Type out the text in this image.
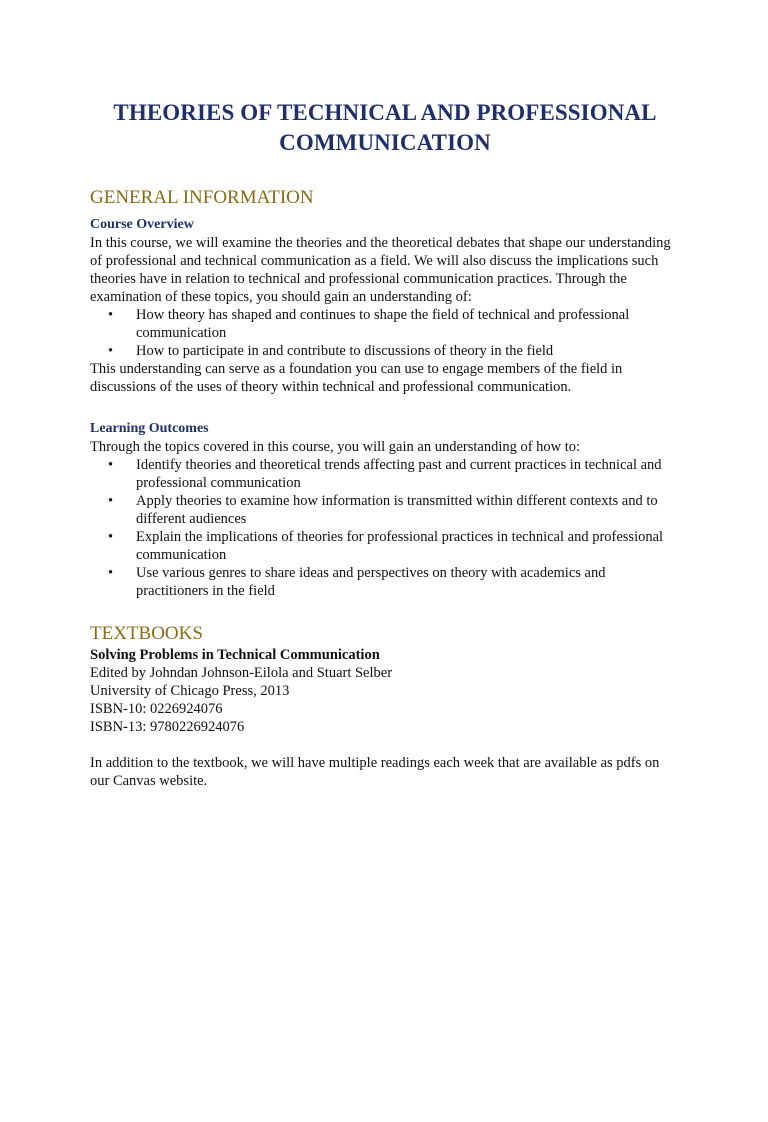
THEORIES OF TECHNICAL AND PROFESSIONAL
COMMUNICATION
GENERAL INFORMATION
Course Overview

In this course, we will examine the theories and the theoretical debates that shape our understanding of professional and technical communication as a field. We will also discuss the implications such theories have in relation to technical and professional communication practices. Through the examination of these topics, you should gain an understanding of:

• How theory has shaped and continues to shape the field of technical and professional communication
• How to participate in and contribute to discussions of theory in the field

This understanding can serve as a foundation you can use to engage members of the field in discussions of the uses of theory within technical and professional communication.

Learning Outcomes

Through the topics covered in this course, you will gain an understanding of how to:

• Identify theories and theoretical trends affecting past and current practices in technical and professional communication
• Apply theories to examine how information is transmitted within different contexts and to different audiences
• Explain the implications of theories for professional practices in technical and professional communication
• Use various genres to share ideas and perspectives on theory with academics and practitioners in the field
TEXTBOOKS

Solving Problems in Technical Communication

Edited by Johndan Johnson-Eilola and Stuart Selber

University of Chicago Press, 2013

ISBN-10: 0226924076

ISBN-13: 9780226924076

In addition to the textbook, we will have multiple readings each week that are available as pdfs on our Canvas website.
